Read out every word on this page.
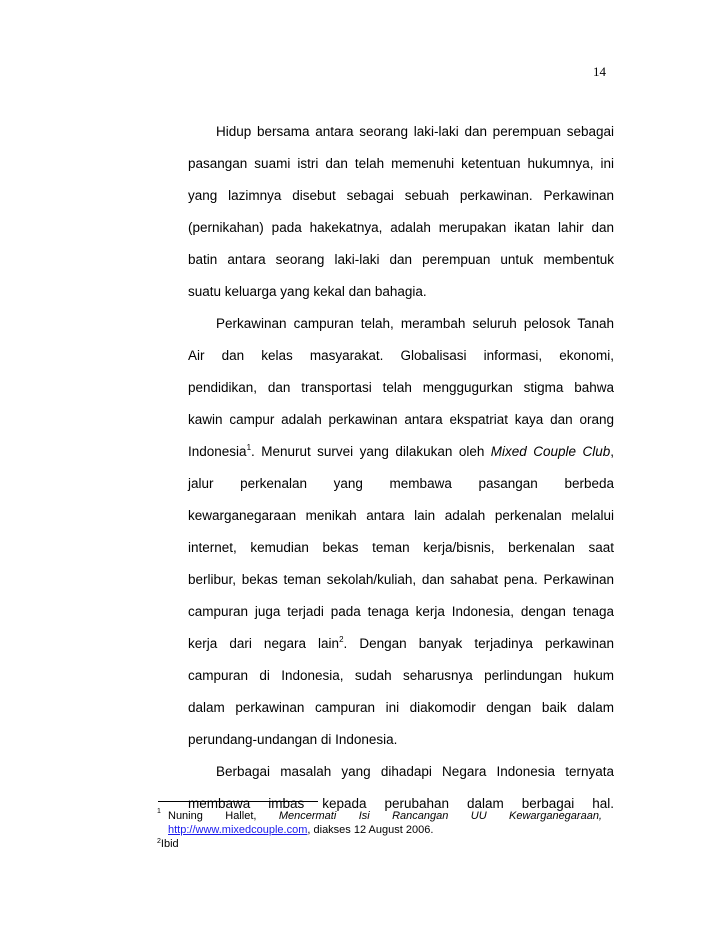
14
Hidup bersama antara seorang laki-laki dan perempuan sebagai
pasangan suami istri dan telah memenuhi ketentuan hukumnya, ini
yang lazimnya disebut sebagai sebuah perkawinan. Perkawinan
(pernikahan) pada hakekatnya, adalah merupakan ikatan lahir dan
batin antara seorang laki-laki dan perempuan untuk membentuk
suatu keluarga yang kekal dan bahagia.
Perkawinan campuran telah, merambah seluruh pelosok Tanah
Air dan kelas masyarakat. Globalisasi informasi, ekonomi,
pendidikan, dan transportasi telah menggugurkan stigma bahwa
kawin campur adalah perkawinan antara ekspatriat kaya dan orang
Indonesia$^1$. Menurut survei yang dilakukan oleh Mixed Couple Club,
jalur perkenalan yang membawa pasangan berbeda
kewarganegaraan menikah antara lain adalah perkenalan melalui
internet, kemudian bekas teman kerja/bisnis, berkenalan saat
berlibur, bekas teman sekolah/kuliah, dan sahabat pena. Perkawinan
campuran juga terjadi pada tenaga kerja Indonesia, dengan tenaga
kerja dari negara lain$^2$. Dengan banyak terjadinya perkawinan
campuran di Indonesia, sudah seharusnya perlindungan hukum
dalam perkawinan campuran ini diakomodir dengan baik dalam
perundang-undangan di Indonesia.
Berbagai masalah yang dihadapi Negara Indonesia ternyata
membawa imbas kepada perubahan dalam berbagai hal.
$^1$ Nuning Hallet, Mencermati Isi Rancangan UU Kewarganegaraan,
http://www.mixedcouple.com, diakses 12 August 2006.
$^2$Ibid
